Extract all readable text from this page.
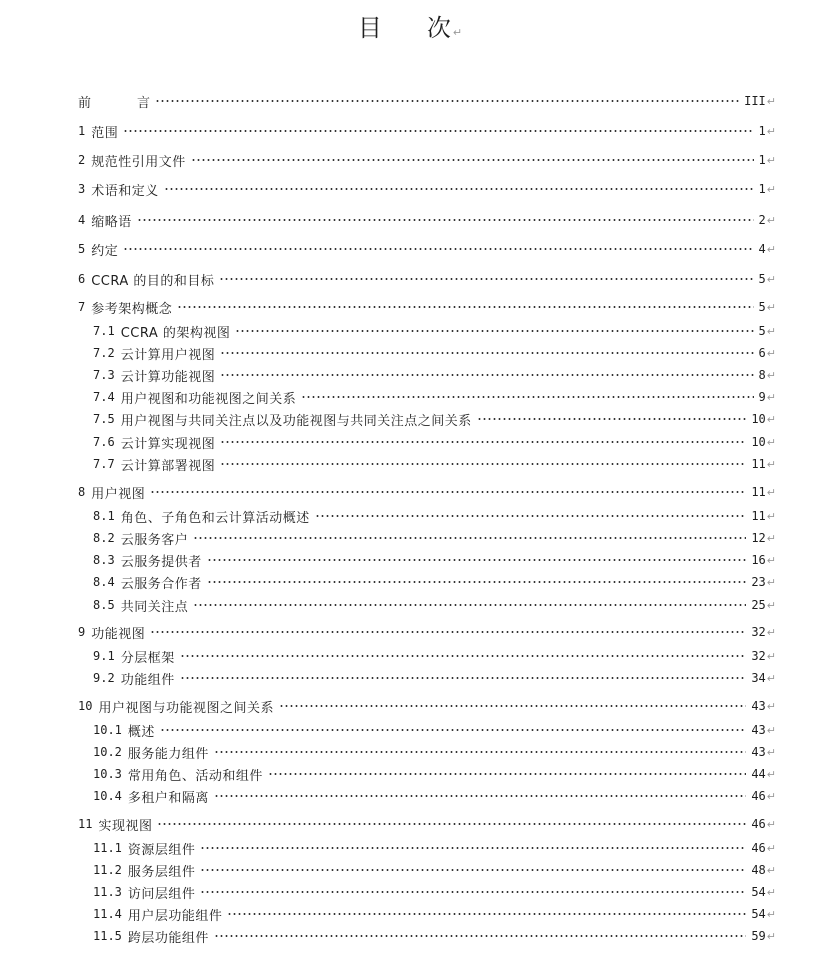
目 次↵
前	言	III ↵
1 范围	1 ↵
2 规范性引用文件	1 ↵
3 术语和定义	1 ↵
4 缩略语	2 ↵
5 约定	4 ↵
6 CCRA 的目的和目标	5 ↵
7 参考架构概念	5 ↵
7.1 CCRA 的架构视图	5 ↵
7.2 云计算用户视图	6 ↵
7.3 云计算功能视图	8 ↵
7.4 用户视图和功能视图之间关系	9 ↵
7.5 用户视图与共同关注点以及功能视图与共同关注点之间关系	10 ↵
7.6 云计算实现视图	10 ↵
7.7 云计算部署视图	11 ↵
8 用户视图	11 ↵
8.1 角色、子角色和云计算活动概述	11 ↵
8.2 云服务客户	12 ↵
8.3 云服务提供者	16 ↵
8.4 云服务合作者	23 ↵
8.5 共同关注点	25 ↵
9 功能视图	32 ↵
9.1 分层框架	32 ↵
9.2 功能组件	34 ↵
10 用户视图与功能视图之间关系	43 ↵
10.1 概述	43 ↵
10.2 服务能力组件	43 ↵
10.3 常用角色、活动和组件	44 ↵
10.4 多租户和隔离	46 ↵
11 实现视图	46 ↵
11.1 资源层组件	46 ↵
11.2 服务层组件	48 ↵
11.3 访问层组件	54 ↵
11.4 用户层功能组件	54 ↵
11.5 跨层功能组件	59 ↵
